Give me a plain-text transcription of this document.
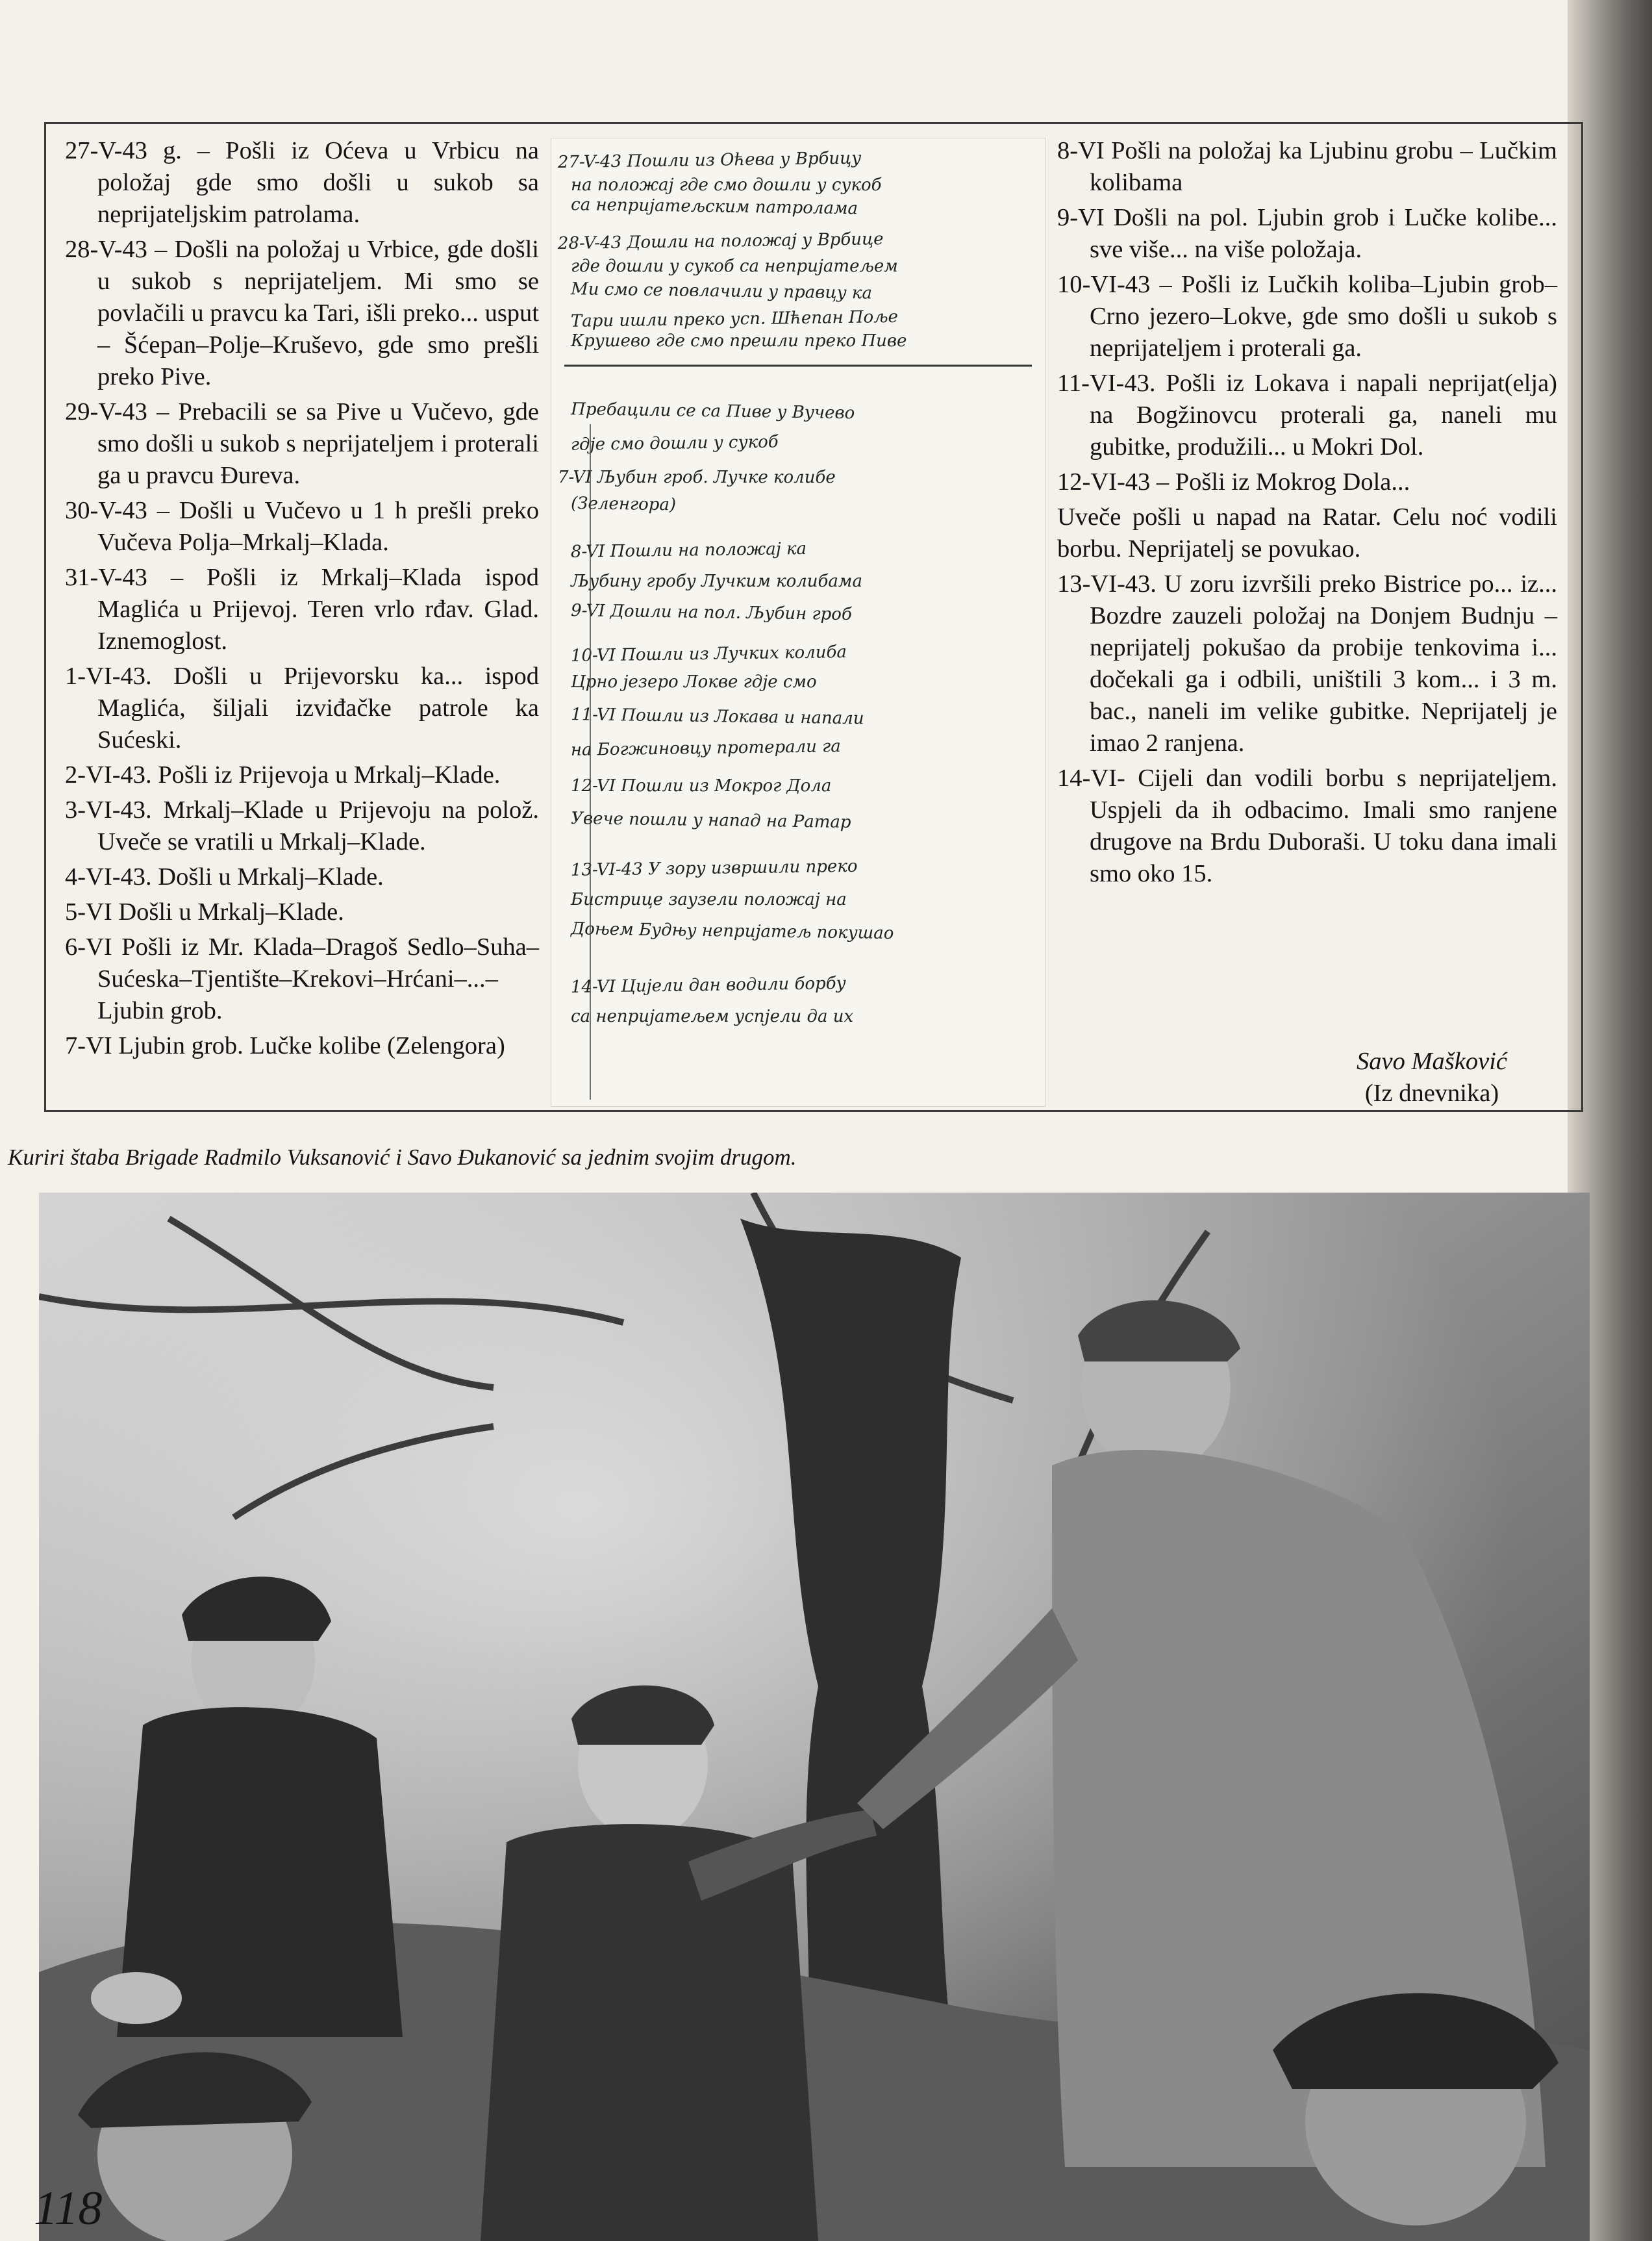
27-V-43 g. – Pošli iz Oćeva u Vrbicu na položaj gde smo došli u sukob sa neprijateljskim patrolama.

28-V-43 – Došli na položaj u Vrbice, gde došli u sukob s neprijateljem. Mi smo se povlačili u pravcu ka Tari, išli preko... usput – Šćepan–Polje–Kruševo, gde smo prešli preko Pive.

29-V-43 – Prebacili se sa Pive u Vučevo, gde smo došli u sukob s neprijateljem i proterali ga u pravcu Đureva.

30-V-43 – Došli u Vučevo u 1 h prešli preko Vučeva Polja–Mrkalj–Klada.

31-V-43 – Pošli iz Mrkalj–Klada ispod Maglića u Prijevoj. Teren vrlo rđav. Glad. Iznemoglost.

1-VI-43. Došli u Prijevorsku ka... ispod Maglića, šiljali izviđačke patrole ka Sućeski.

2-VI-43. Pošli iz Prijevoja u Mrkalj–Klade.

3-VI-43. Mrkalj–Klade u Prijevoju na polož. Uveče se vratili u Mrkalj–Klade.

4-VI-43. Došli u Mrkalj–Klade.

5-VI Došli u Mrkalj–Klade.

6-VI Pošli iz Mr. Klada–Dragoš Sedlo–Suha–Sućeska–Tjentište–Krekovi–Hrćani–...–Ljubin grob.

7-VI Ljubin grob. Lučke kolibe (Zelengora)

27-V-43 Пошли из Оћева у Врбицу
на положај где смо дошли у сукоб
са непријатељским патролама
28-V-43 Дошли на положај у Врбице
где дошли у сукоб са непријатељем
Ми смо се повлачили у правцу ка
Тари ишли преко усп. Шћепан Поље
Крушево где смо прешли преко Пиве
Пребацили се са Пиве у Вучево
гдје смо дошли у сукоб
7-VI Љубин гроб. Лучке колибе
(Зеленгора)
8-VI Пошли на положај ка
Љубину гробу Лучким колибама
9-VI Дошли на пол. Љубин гроб
10-VI Пошли из Лучких колиба
Црно језеро Локве гдје смо
11-VI Пошли из Локава и напали
на Богжиновцу протерали га
12-VI Пошли из Мокрог Дола
Увече пошли у напад на Ратар
13-VI-43 У зору извршили преко
Бистрице заузели положај на
Доњем Будњу непријатељ покушао
14-VI Цијели дан водили борбу
са непријатељем успјели да их

8-VI Pošli na položaj ka Ljubinu grobu – Lučkim kolibama

9-VI Došli na pol. Ljubin grob i Lučke kolibe... sve više... na više položaja.

10-VI-43 – Pošli iz Lučkih koliba–Ljubin grob–Crno jezero–Lokve, gde smo došli u sukob s neprijateljem i proterali ga.

11-VI-43. Pošli iz Lokava i napali neprijat(elja) na Bogžinovcu proterali ga, naneli mu gubitke, produžili... u Mokri Dol.

12-VI-43 – Pošli iz Mokrog Dola...

Uveče pošli u napad na Ratar. Celu noć vodili borbu. Neprijatelj se povukao.

13-VI-43. U zoru izvršili preko Bistrice po... iz... Bozdre zauzeli položaj na Donjem Budnju – neprijatelj pokušao da probije tenkovima i... dočekali ga i odbili, uništili 3 kom... i 3 m. bac., naneli im velike gubitke. Neprijatelj je imao 2 ranjena.

14-VI- Cijeli dan vodili borbu s neprijateljem. Uspjeli da ih odbacimo. Imali smo ranjene drugove na Brdu Duboraši. U toku dana imali smo oko 15.

Savo Mašković
(Iz dnevnika)
Kuriri štaba Brigade Radmilo Vuksanović i Savo Đukanović sa jednim svojim drugom.
118
